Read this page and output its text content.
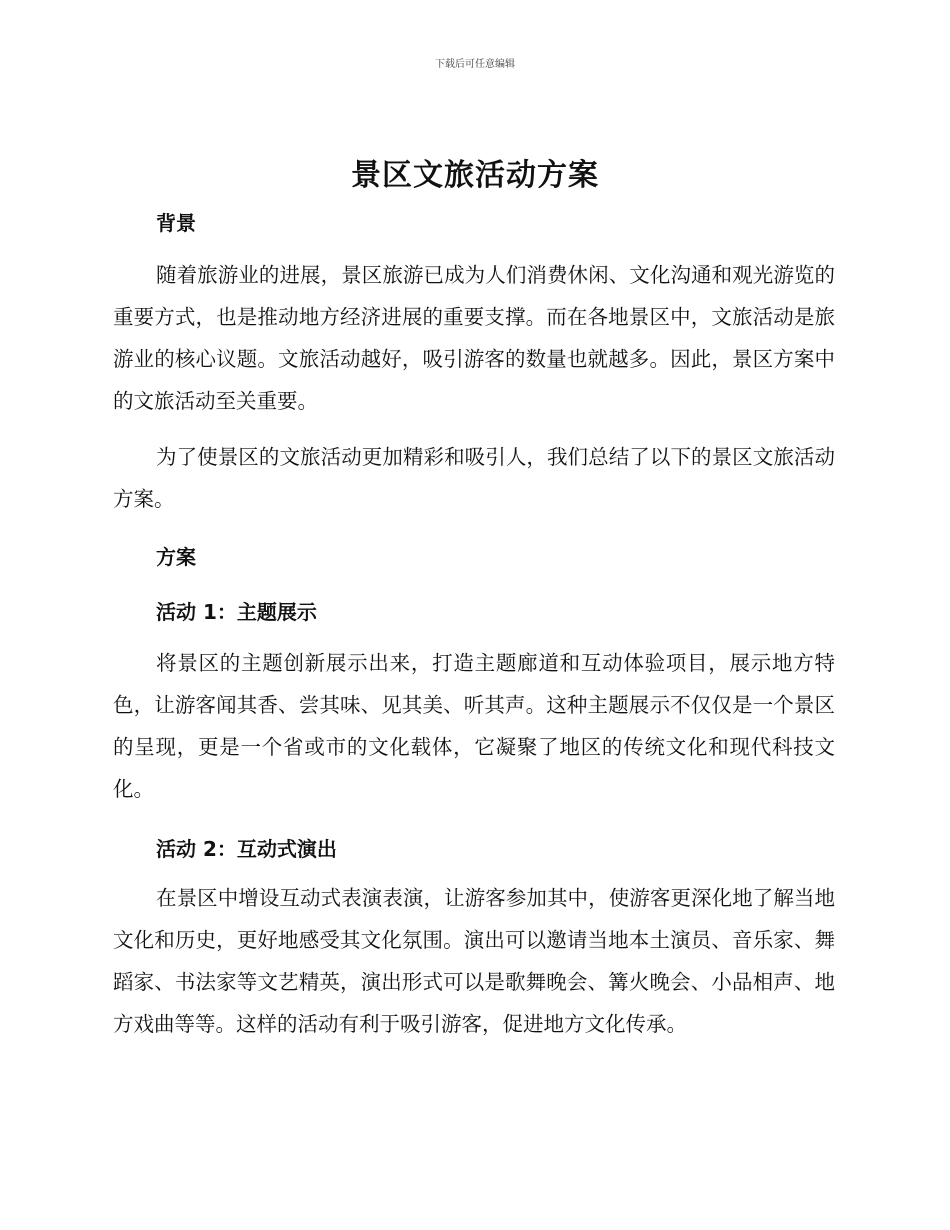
下载后可任意编辑
景区文旅活动方案
背景
随着旅游业的进展，景区旅游已成为人们消费休闲、文化沟通和观光游览的重要方式，也是推动地方经济进展的重要支撑。而在各地景区中，文旅活动是旅游业的核心议题。文旅活动越好，吸引游客的数量也就越多。因此，景区方案中的文旅活动至关重要。
为了使景区的文旅活动更加精彩和吸引人，我们总结了以下的景区文旅活动方案。
方案
活动 1：主题展示
将景区的主题创新展示出来，打造主题廊道和互动体验项目，展示地方特色，让游客闻其香、尝其味、见其美、听其声。这种主题展示不仅仅是一个景区的呈现，更是一个省或市的文化载体，它凝聚了地区的传统文化和现代科技文化。
活动 2：互动式演出
在景区中增设互动式表演表演，让游客参加其中，使游客更深化地了解当地文化和历史，更好地感受其文化氛围。演出可以邀请当地本土演员、音乐家、舞蹈家、书法家等文艺精英，演出形式可以是歌舞晚会、篝火晚会、小品相声、地方戏曲等等。这样的活动有利于吸引游客，促进地方文化传承。
